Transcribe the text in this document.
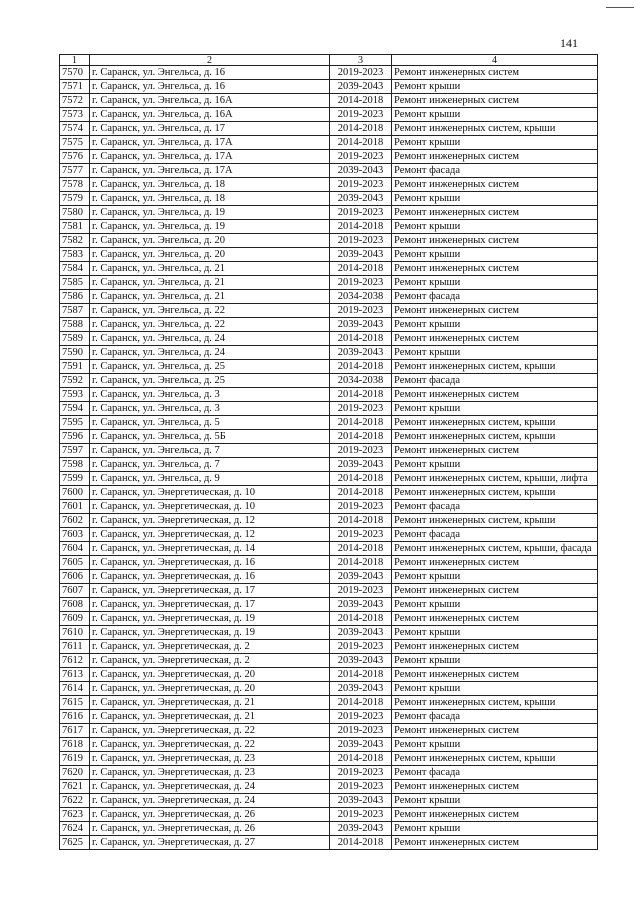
141
1	2	3	4
7570	г. Саранск, ул. Энгельса, д. 16	2019-2023	Ремонт инженерных систем
7571	г. Саранск, ул. Энгельса, д. 16	2039-2043	Ремонт крыши
7572	г. Саранск, ул. Энгельса, д. 16А	2014-2018	Ремонт инженерных систем
7573	г. Саранск, ул. Энгельса, д. 16А	2019-2023	Ремонт крыши
7574	г. Саранск, ул. Энгельса, д. 17	2014-2018	Ремонт инженерных систем, крыши
7575	г. Саранск, ул. Энгельса, д. 17А	2014-2018	Ремонт крыши
7576	г. Саранск, ул. Энгельса, д. 17А	2019-2023	Ремонт инженерных систем
7577	г. Саранск, ул. Энгельса, д. 17А	2039-2043	Ремонт фасада
7578	г. Саранск, ул. Энгельса, д. 18	2019-2023	Ремонт инженерных систем
7579	г. Саранск, ул. Энгельса, д. 18	2039-2043	Ремонт крыши
7580	г. Саранск, ул. Энгельса, д. 19	2019-2023	Ремонт инженерных систем
7581	г. Саранск, ул. Энгельса, д. 19	2014-2018	Ремонт крыши
7582	г. Саранск, ул. Энгельса, д. 20	2019-2023	Ремонт инженерных систем
7583	г. Саранск, ул. Энгельса, д. 20	2039-2043	Ремонт крыши
7584	г. Саранск, ул. Энгельса, д. 21	2014-2018	Ремонт инженерных систем
7585	г. Саранск, ул. Энгельса, д. 21	2019-2023	Ремонт крыши
7586	г. Саранск, ул. Энгельса, д. 21	2034-2038	Ремонт фасада
7587	г. Саранск, ул. Энгельса, д. 22	2019-2023	Ремонт инженерных систем
7588	г. Саранск, ул. Энгельса, д. 22	2039-2043	Ремонт крыши
7589	г. Саранск, ул. Энгельса, д. 24	2014-2018	Ремонт инженерных систем
7590	г. Саранск, ул. Энгельса, д. 24	2039-2043	Ремонт крыши
7591	г. Саранск, ул. Энгельса, д. 25	2014-2018	Ремонт инженерных систем, крыши
7592	г. Саранск, ул. Энгельса, д. 25	2034-2038	Ремонт фасада
7593	г. Саранск, ул. Энгельса, д. 3	2014-2018	Ремонт инженерных систем
7594	г. Саранск, ул. Энгельса, д. 3	2019-2023	Ремонт крыши
7595	г. Саранск, ул. Энгельса, д. 5	2014-2018	Ремонт инженерных систем, крыши
7596	г. Саранск, ул. Энгельса, д. 5Б	2014-2018	Ремонт инженерных систем, крыши
7597	г. Саранск, ул. Энгельса, д. 7	2019-2023	Ремонт инженерных систем
7598	г. Саранск, ул. Энгельса, д. 7	2039-2043	Ремонт крыши
7599	г. Саранск, ул. Энгельса, д. 9	2014-2018	Ремонт инженерных систем, крыши, лифта
7600	г. Саранск, ул. Энергетическая, д. 10	2014-2018	Ремонт инженерных систем, крыши
7601	г. Саранск, ул. Энергетическая, д. 10	2019-2023	Ремонт фасада
7602	г. Саранск, ул. Энергетическая, д. 12	2014-2018	Ремонт инженерных систем, крыши
7603	г. Саранск, ул. Энергетическая, д. 12	2019-2023	Ремонт фасада
7604	г. Саранск, ул. Энергетическая, д. 14	2014-2018	Ремонт инженерных систем, крыши, фасада
7605	г. Саранск, ул. Энергетическая, д. 16	2014-2018	Ремонт инженерных систем
7606	г. Саранск, ул. Энергетическая, д. 16	2039-2043	Ремонт крыши
7607	г. Саранск, ул. Энергетическая, д. 17	2019-2023	Ремонт инженерных систем
7608	г. Саранск, ул. Энергетическая, д. 17	2039-2043	Ремонт крыши
7609	г. Саранск, ул. Энергетическая, д. 19	2014-2018	Ремонт инженерных систем
7610	г. Саранск, ул. Энергетическая, д. 19	2039-2043	Ремонт крыши
7611	г. Саранск, ул. Энергетическая, д. 2	2019-2023	Ремонт инженерных систем
7612	г. Саранск, ул. Энергетическая, д. 2	2039-2043	Ремонт крыши
7613	г. Саранск, ул. Энергетическая, д. 20	2014-2018	Ремонт инженерных систем
7614	г. Саранск, ул. Энергетическая, д. 20	2039-2043	Ремонт крыши
7615	г. Саранск, ул. Энергетическая, д. 21	2014-2018	Ремонт инженерных систем, крыши
7616	г. Саранск, ул. Энергетическая, д. 21	2019-2023	Ремонт фасада
7617	г. Саранск, ул. Энергетическая, д. 22	2019-2023	Ремонт инженерных систем
7618	г. Саранск, ул. Энергетическая, д. 22	2039-2043	Ремонт крыши
7619	г. Саранск, ул. Энергетическая, д. 23	2014-2018	Ремонт инженерных систем, крыши
7620	г. Саранск, ул. Энергетическая, д. 23	2019-2023	Ремонт фасада
7621	г. Саранск, ул. Энергетическая, д. 24	2019-2023	Ремонт инженерных систем
7622	г. Саранск, ул. Энергетическая, д. 24	2039-2043	Ремонт крыши
7623	г. Саранск, ул. Энергетическая, д. 26	2019-2023	Ремонт инженерных систем
7624	г. Саранск, ул. Энергетическая, д. 26	2039-2043	Ремонт крыши
7625	г. Саранск, ул. Энергетическая, д. 27	2014-2018	Ремонт инженерных систем
